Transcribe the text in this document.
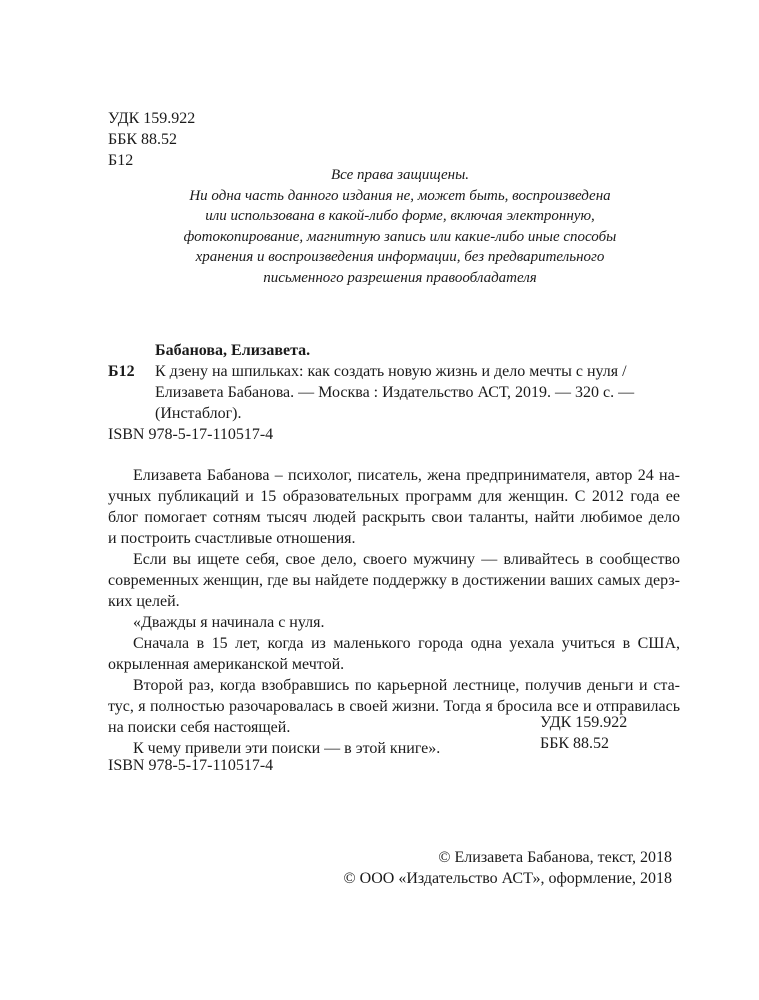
УДК 159.922
ББК 88.52
Б12
Все права защищены.
Ни одна часть данного издания не, может быть, воспроизведена
или использована в какой-либо форме, включая электронную,
фотокопирование, магнитную запись или какие-либо иные способы
хранения и воспроизведения информации, без предварительного
письменного разрешения правообладателя
Бабанова, Елизавета.
Б12 К дзену на шпильках: как создать новую жизнь и дело мечты с нуля /
Елизавета Бабанова. — Москва : Издательство АСТ, 2019. — 320 с. —
(Инстаблог).
ISBN 978-5-17-110517-4
Елизавета Бабанова – психолог, писатель, жена предпринимателя, автор 24 на-
учных публикаций и 15 образовательных программ для женщин. С 2012 года ее
блог помогает сотням тысяч людей раскрыть свои таланты, найти любимое дело
и построить счастливые отношения.
Если вы ищете себя, свое дело, своего мужчину — вливайтесь в сообщество
современных женщин, где вы найдете поддержку в достижении ваших самых дерз-
ких целей.
«Дважды я начинала с нуля.
Сначала в 15 лет, когда из маленького города одна уехала учиться в США,
окрыленная американской мечтой.
Второй раз, когда взобравшись по карьерной лестнице, получив деньги и ста-
тус, я полностью разочаровалась в своей жизни. Тогда я бросила все и отправилась
на поиски себя настоящей.
К чему привели эти поиски — в этой книге».
УДК 159.922
ББК 88.52
ISBN 978-5-17-110517-4
© Елизавета Бабанова, текст, 2018
© ООО «Издательство АСТ», оформление, 2018
